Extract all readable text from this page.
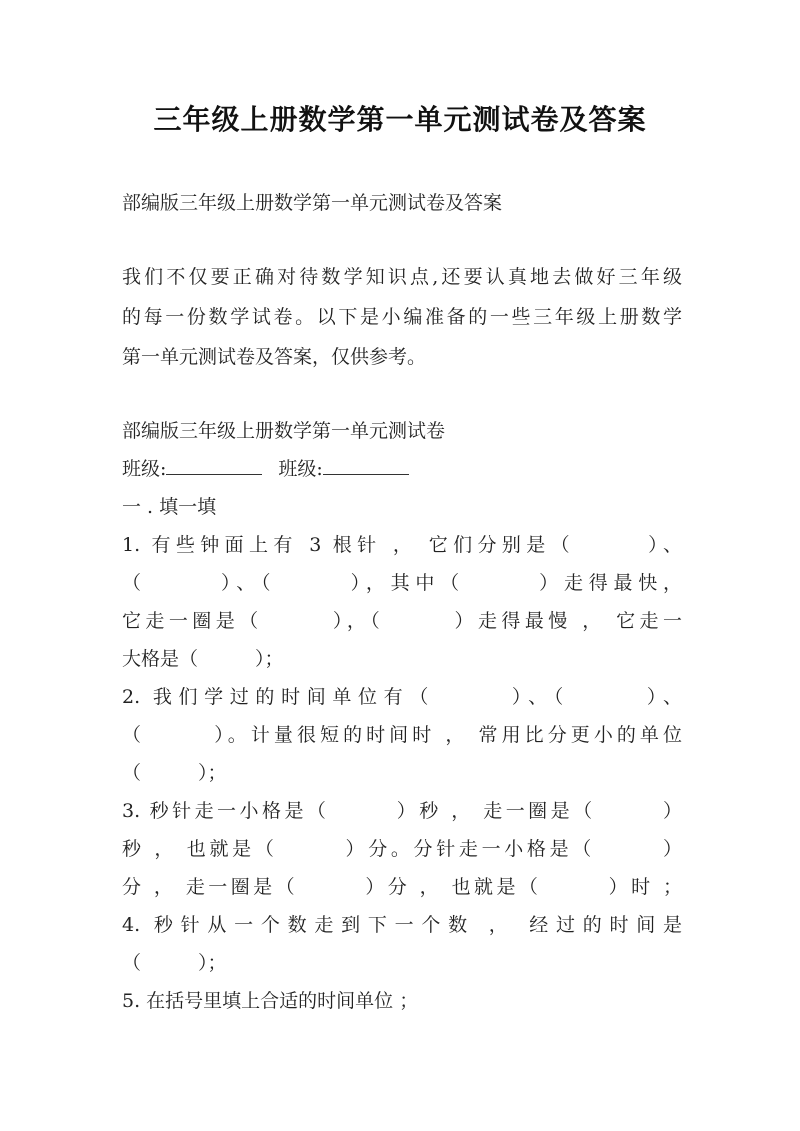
三年级上册数学第一单元测试卷及答案
部编版三年级上册数学第一单元测试卷及答案
我们不仅要正确对待数学知识点,还要认真地去做好三年级
的每一份数学试卷。以下是小编准备的一些三年级上册数学
第一单元测试卷及答案，仅供参考。
部编版三年级上册数学第一单元测试卷
班级:	班级:
一 . 填一填
1. 有些钟面上有 3 根针 ， 它们分别是（　　　）、
（　　　）、（　　　），其中（　　　）走得最快，
它走一圈是（　　　），（　　　）走得最慢 ， 它走一
大格是（　　　）；
2. 我们学过的时间单位有（　　　）、（　　　）、
（　　　）。计量很短的时间时 ， 常用比分更小的单位
（　　　）；
3. 秒针走一小格是（　　　）秒 ， 走一圈是（　　　）
秒 ， 也就是（　　　）分。分针走一小格是（　　　）
分 ， 走一圈是（　　　）分 ， 也就是（　　　）时 ；
4. 秒针从一个数走到下一个数 ， 经过的时间是
（　　　）；
5. 在括号里填上合适的时间单位 ；
